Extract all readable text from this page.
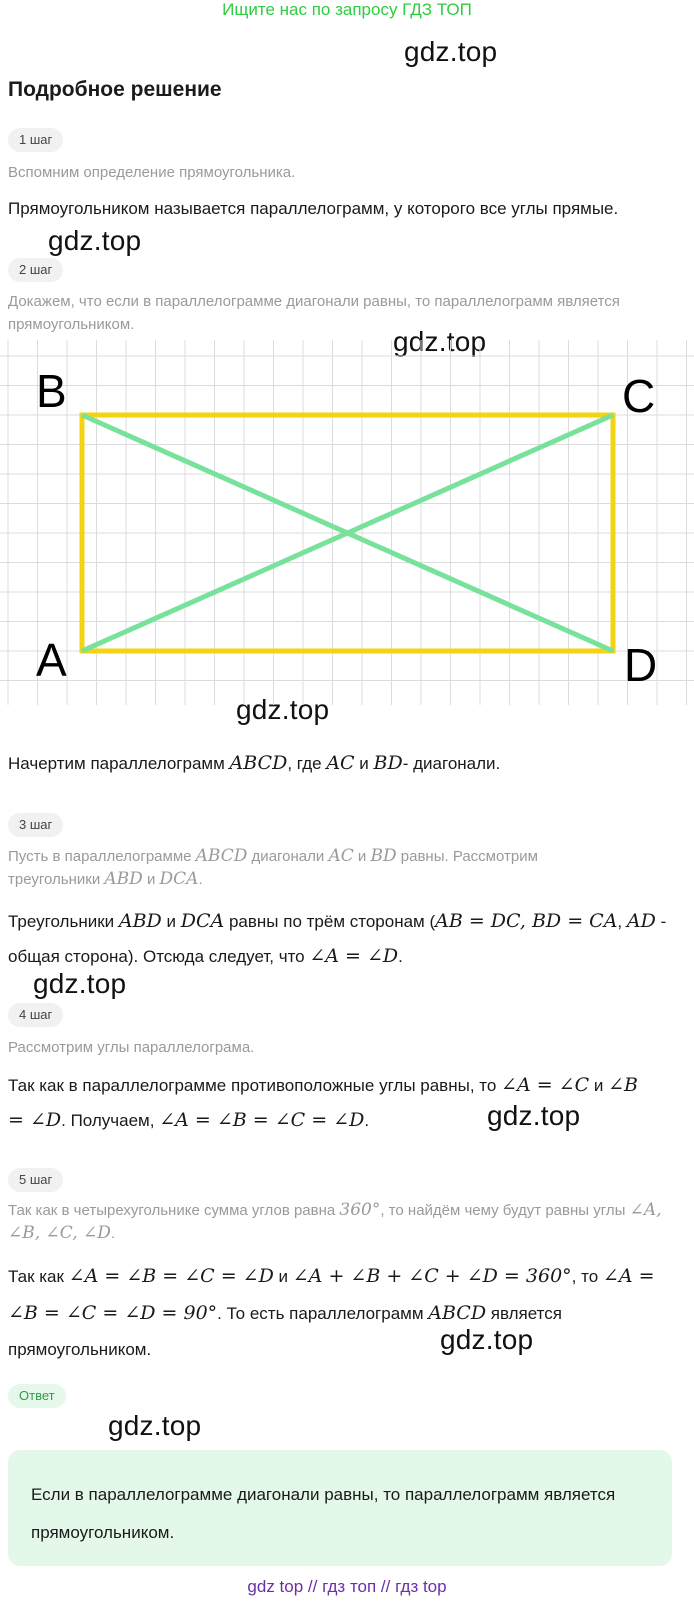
Ищите нас по запросу ГДЗ ТОП
gdz.top
gdz.top
gdz.top
gdz.top
gdz.top
gdz.top
gdz.top
gdz.top
Подробное решение
1 шаг
Вспомним определение прямоугольника.
Прямоугольником называется параллелограмм, у которого все углы прямые.
2 шаг
Докажем, что если в параллелограмме диагонали равны, то параллелограмм является прямоугольником.
B	C
A	D
Начертим параллелограмм ABCD, где AC и BD- диагонали.
3 шаг
Пусть в параллелограмме ABCD диагонали AC и BD равны. Рассмотрим треугольники ABD и DCA.
Треугольники ABD и DCA равны по трём сторонам (AB = DC, BD = CA, AD - общая сторона). Отсюда следует, что ∠A = ∠D.
4 шаг
Рассмотрим углы параллелограма.
Так как в параллелограмме противоположные углы равны, то ∠A = ∠C и ∠B = ∠D. Получаем, ∠A = ∠B = ∠C = ∠D.
5 шаг
Так как в четырехугольнике сумма углов равна 360°, то найдём чему будут равны углы ∠A, ∠B, ∠C, ∠D.
Так как ∠A = ∠B = ∠C = ∠D и ∠A + ∠B + ∠C + ∠D = 360°, то ∠A = ∠B = ∠C = ∠D = 90°. То есть параллелограмм ABCD является прямоугольником.
Ответ
Если в параллелограмме диагонали равны, то параллелограмм является прямоугольником.
gdz top // гдз топ // гдз top
